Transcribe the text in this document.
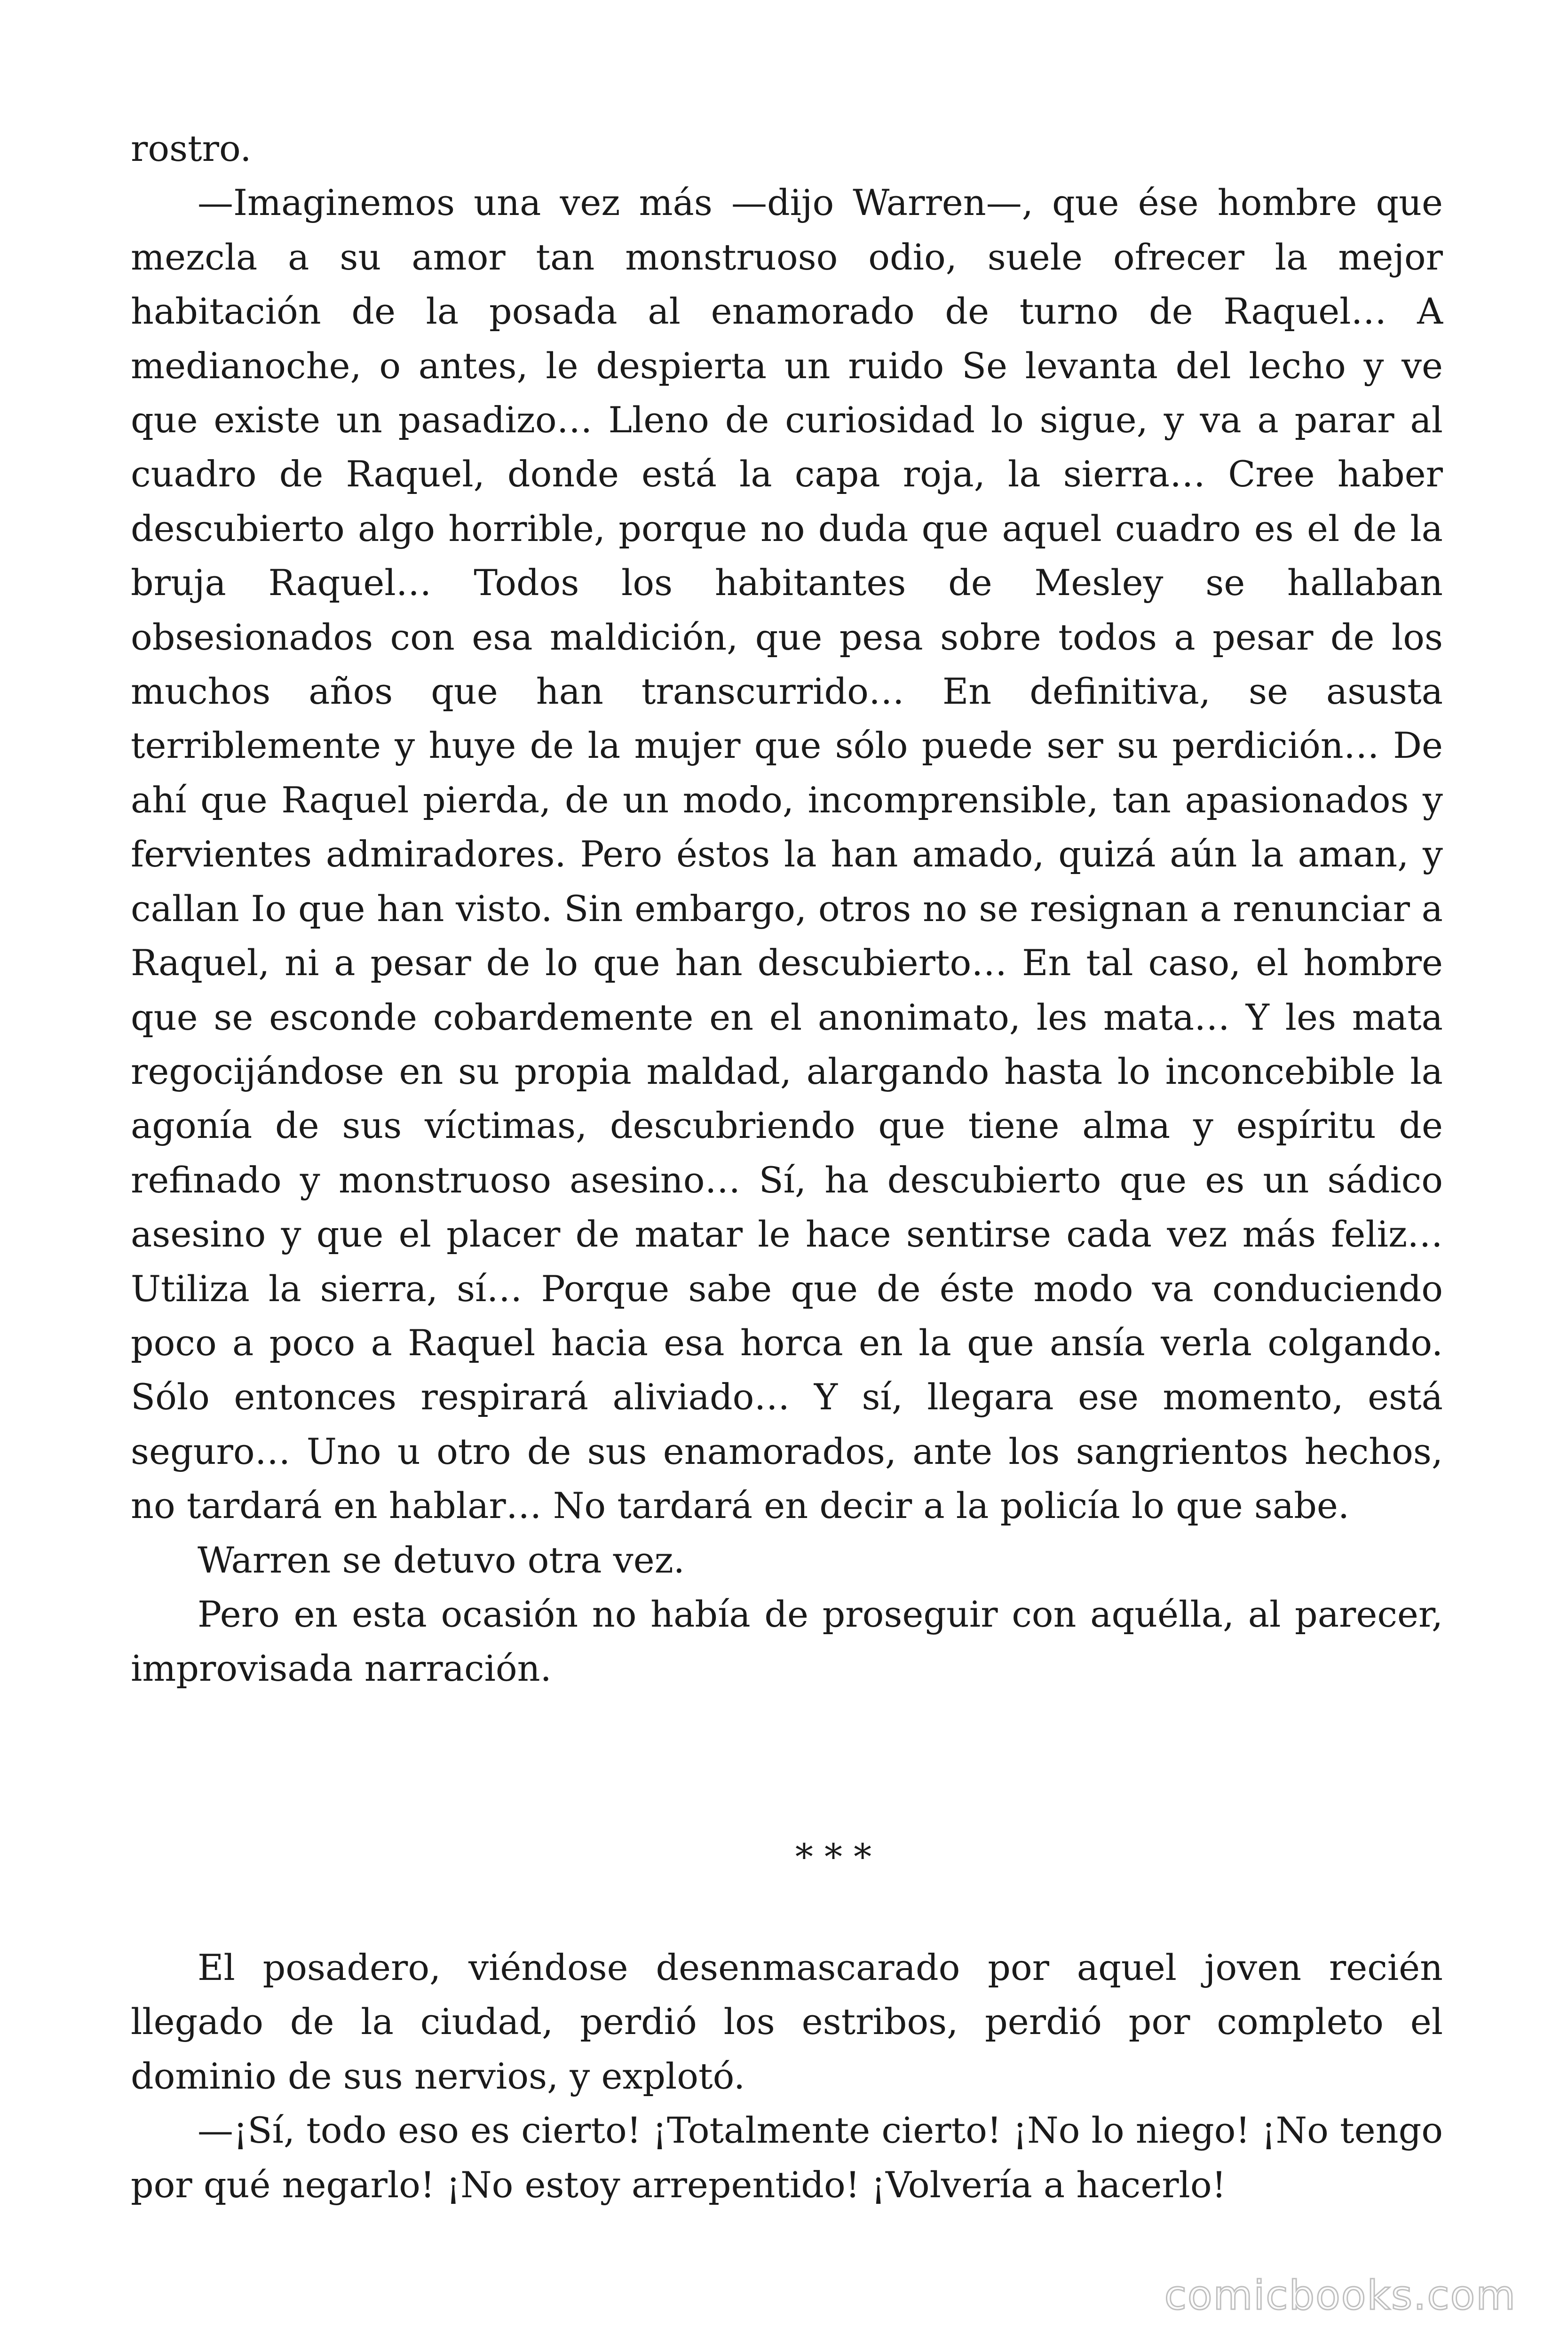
rostro.

—Imaginemos una vez más —dijo Warren—, que ése hombre que mezcla a su amor tan monstruoso odio, suele ofrecer la mejor habitación de la posada al enamorado de turno de Raquel… A medianoche, o antes, le despierta un ruido Se levanta del lecho y ve que existe un pasadizo… Lleno de curiosidad lo sigue, y va a parar al cuadro de Raquel, donde está la capa roja, la sierra… Cree haber descubierto algo horrible, porque no duda que aquel cuadro es el de la bruja Raquel… Todos los habitantes de Mesley se hallaban obsesionados con esa maldición, que pesa sobre todos a pesar de los muchos años que han transcurrido… En definitiva, se asusta terriblemente y huye de la mujer que sólo puede ser su perdición… De ahí que Raquel pierda, de un modo, incomprensible, tan apasionados y fervientes admiradores. Pero éstos la han amado, quizá aún la aman, y callan Io que han visto. Sin embargo, otros no se resignan a renunciar a Raquel, ni a pesar de lo que han descubierto… En tal caso, el hombre que se esconde cobardemente en el anonimato, les mata… Y les mata regocijándose en su propia maldad, alargando hasta lo inconcebible la agonía de sus víctimas, descubriendo que tiene alma y espíritu de refinado y monstruoso asesino… Sí, ha descubierto que es un sádico asesino y que el placer de matar le hace sentirse cada vez más feliz… Utiliza la sierra, sí… Porque sabe que de éste modo va conduciendo poco a poco a Raquel hacia esa horca en la que ansía verla colgando. Sólo entonces respirará aliviado… Y sí, llegara ese momento, está seguro… Uno u otro de sus enamorados, ante los sangrientos hechos, no tardará en hablar… No tardará en decir a la policía lo que sabe.

Warren se detuvo otra vez.

Pero en esta ocasión no había de proseguir con aquélla, al parecer, improvisada narración.

* * *

El posadero, viéndose desenmascarado por aquel joven recién llegado de la ciudad, perdió los estribos, perdió por completo el dominio de sus nervios, y explotó.

—¡Sí, todo eso es cierto! ¡Totalmente cierto! ¡No lo niego! ¡No tengo por qué negarlo! ¡No estoy arrepentido! ¡Volvería a hacerlo!

comicbooks.com
